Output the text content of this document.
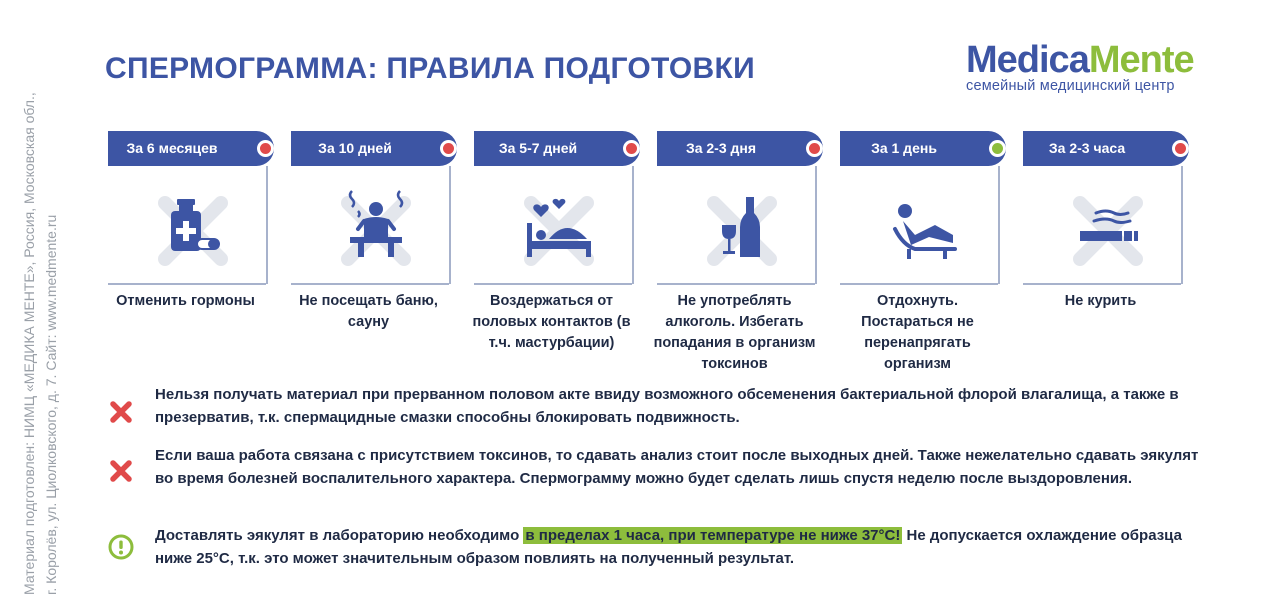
Материал подготовлен: НИМЦ «МЕДИКА МЕНТЕ», Россия, Московская обл., г. Королёв, ул. Циолковского, д. 7. Сайт: www.medmente.ru
СПЕРМОГРАММА: ПРАВИЛА ПОДГОТОВКИ	MedicaMente
семейный медицинский центр
За 6 месяцев
Отменить гормоны
За 10 дней
Не посещать баню, сауну
За 5-7 дней
Воздержаться от половых контактов (в т.ч. мастурбации)
За 2-3 дня
Не употреблять алкоголь. Избегать попадания в организм токсинов
За 1 день
Отдохнуть. Постараться не перенапрягать организм
За 2-3 часа
Не курить
Нельзя получать материал при прерванном половом акте ввиду возможного обсеменения бактериальной флорой влагалища, а также в презерватив, т.к. спермацидные смазки способны блокировать подвижность.
Если ваша работа связана с присутствием токсинов, то сдавать анализ стоит после выходных дней. Также нежелательно сдавать эякулят во время болезней воспалительного характера. Спермограмму можно будет сделать лишь спустя неделю после выздоровления.
Доставлять эякулят в лабораторию необходимо в пределах 1 часа, при температуре не ниже 37°С! Не допускается охлаждение образца ниже 25°С, т.к. это может значительным образом повлиять на полученный результат.
